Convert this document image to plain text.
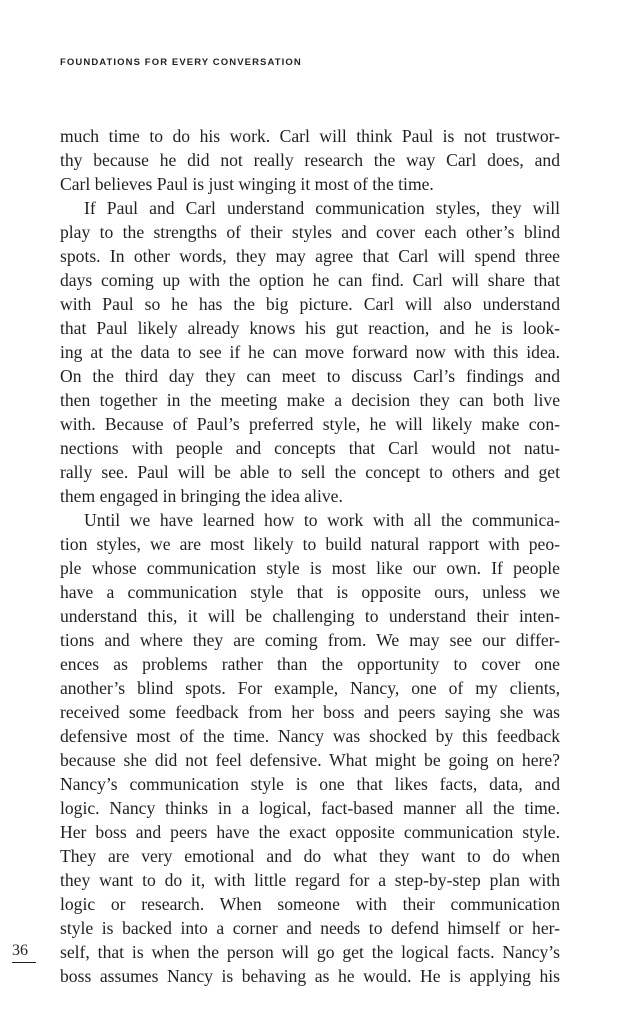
FOUNDATIONS FOR EVERY CONVERSATION
much time to do his work. Carl will think Paul is not trustwor-
thy because he did not really research the way Carl does, and
Carl believes Paul is just winging it most of the time.
If Paul and Carl understand communication styles, they will
play to the strengths of their styles and cover each other’s blind
spots. In other words, they may agree that Carl will spend three
days coming up with the option he can find. Carl will share that
with Paul so he has the big picture. Carl will also understand
that Paul likely already knows his gut reaction, and he is look-
ing at the data to see if he can move forward now with this idea.
On the third day they can meet to discuss Carl’s findings and
then together in the meeting make a decision they can both live
with. Because of Paul’s preferred style, he will likely make con-
nections with people and concepts that Carl would not natu-
rally see. Paul will be able to sell the concept to others and get
them engaged in bringing the idea alive.
Until we have learned how to work with all the communica-
tion styles, we are most likely to build natural rapport with peo-
ple whose communication style is most like our own. If people
have a communication style that is opposite ours, unless we
understand this, it will be challenging to understand their inten-
tions and where they are coming from. We may see our differ-
ences as problems rather than the opportunity to cover one
another’s blind spots. For example, Nancy, one of my clients,
received some feedback from her boss and peers saying she was
defensive most of the time. Nancy was shocked by this feedback
because she did not feel defensive. What might be going on here?
Nancy’s communication style is one that likes facts, data, and
logic. Nancy thinks in a logical, fact-based manner all the time.
Her boss and peers have the exact opposite communication style.
They are very emotional and do what they want to do when
they want to do it, with little regard for a step-by-step plan with
logic or research. When someone with their communication
style is backed into a corner and needs to defend himself or her-
self, that is when the person will go get the logical facts. Nancy’s
boss assumes Nancy is behaving as he would. He is applying his
36
